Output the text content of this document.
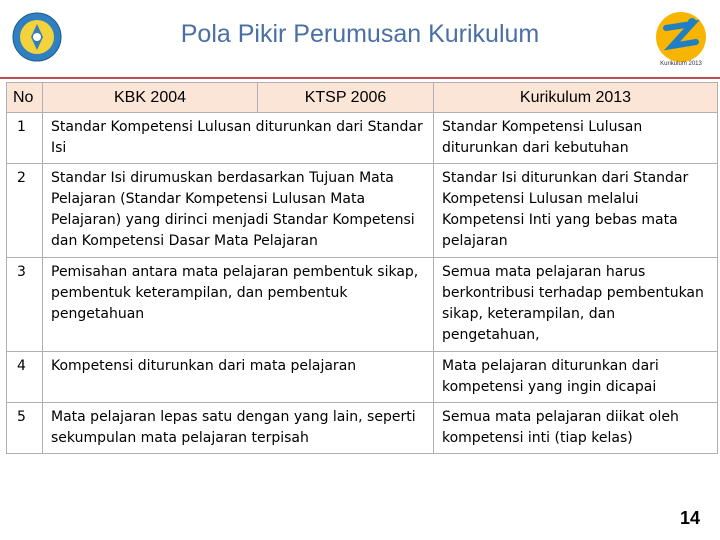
Pola Pikir Perumusan Kurikulum
Kurikulum 2013
No	KBK 2004	KTSP 2006	Kurikulum 2013
1	Standar Kompetensi Lulusan diturunkan dari Standar Isi		Standar Kompetensi Lulusan diturunkan dari kebutuhan
2	Standar Isi dirumuskan berdasarkan Tujuan Mata Pelajaran (Standar Kompetensi Lulusan Mata Pelajaran) yang dirinci menjadi Standar Kompetensi dan Kompetensi Dasar Mata Pelajaran		Standar Isi diturunkan dari Standar Kompetensi Lulusan melalui Kompetensi Inti yang bebas mata pelajaran
3	Pemisahan antara mata pelajaran pembentuk sikap, pembentuk keterampilan, dan pembentuk pengetahuan		Semua mata pelajaran harus berkontribusi terhadap pembentukan sikap, keterampilan, dan pengetahuan,
4	Kompetensi diturunkan dari mata pelajaran		Mata pelajaran diturunkan dari kompetensi yang ingin dicapai
5	Mata pelajaran lepas satu dengan yang lain, seperti sekumpulan mata pelajaran terpisah		Semua mata pelajaran diikat oleh kompetensi inti (tiap kelas)
14
